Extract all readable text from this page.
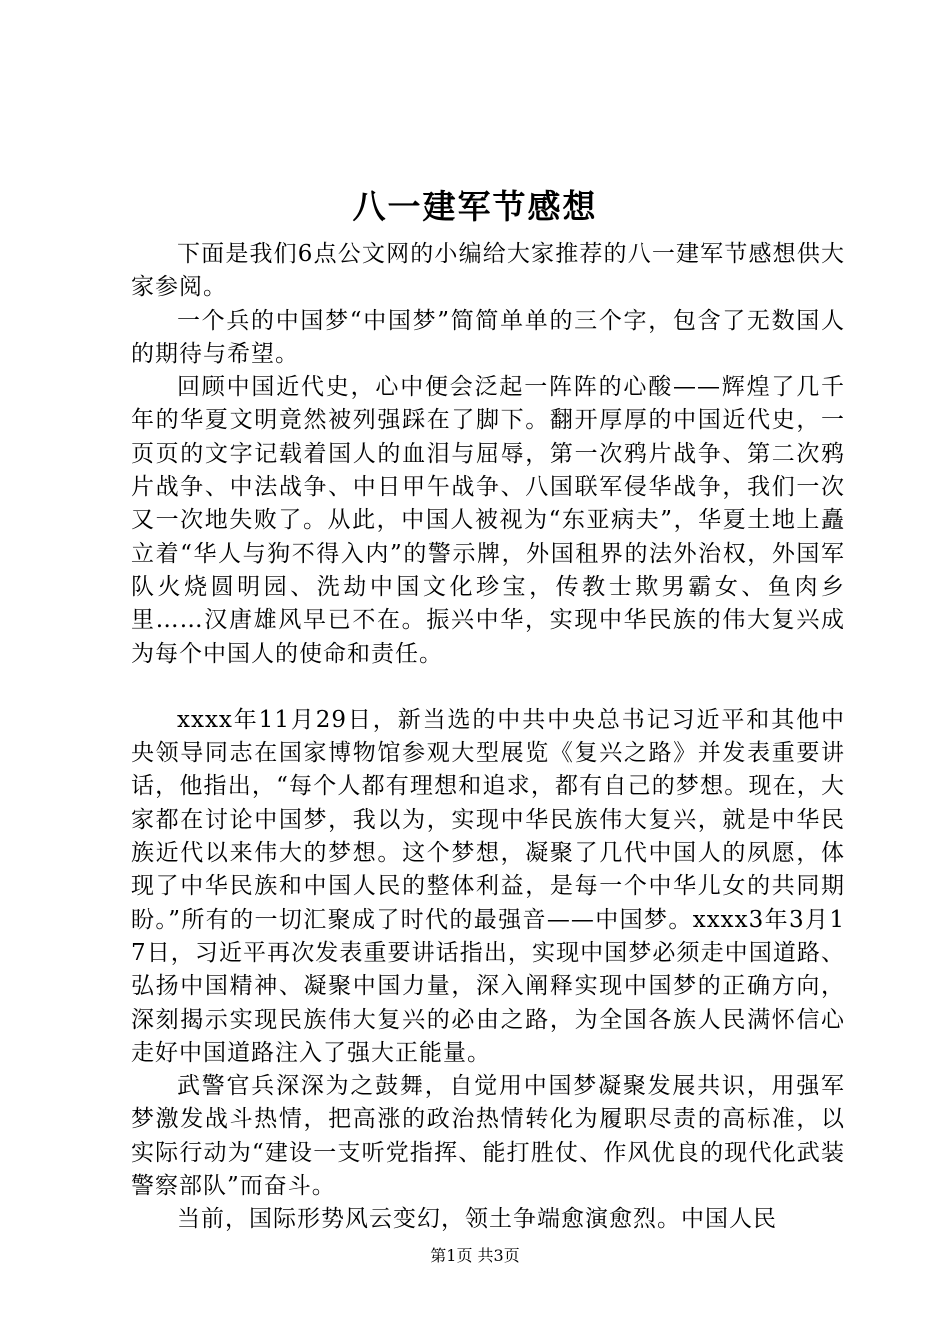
八一建军节感想

下面是我们6点公文网的小编给大家推荐的八一建军节感想供大家参阅。

一个兵的中国梦“中国梦”简简单单的三个字，包含了无数国人的期待与希望。

回顾中国近代史，心中便会泛起一阵阵的心酸——辉煌了几千年的华夏文明竟然被列强踩在了脚下。翻开厚厚的中国近代史，一页页的文字记载着国人的血泪与屈辱，第一次鸦片战争、第二次鸦片战争、中法战争、中日甲午战争、八国联军侵华战争，我们一次又一次地失败了。从此，中国人被视为“东亚病夫”，华夏土地上矗立着“华人与狗不得入内”的警示牌，外国租界的法外治权，外国军队火烧圆明园、洗劫中国文化珍宝，传教士欺男霸女、鱼肉乡里……汉唐雄风早已不在。振兴中华，实现中华民族的伟大复兴成为每个中国人的使命和责任。

xxxx年11月29日，新当选的中共中央总书记习近平和其他中央领导同志在国家博物馆参观大型展览《复兴之路》并发表重要讲话，他指出，“每个人都有理想和追求，都有自己的梦想。现在，大家都在讨论中国梦，我以为，实现中华民族伟大复兴，就是中华民族近代以来伟大的梦想。这个梦想，凝聚了几代中国人的夙愿，体现了中华民族和中国人民的整体利益，是每一个中华儿女的共同期盼。”所有的一切汇聚成了时代的最强音——中国梦。xxxx3年3月17日，习近平再次发表重要讲话指出，实现中国梦必须走中国道路、弘扬中国精神、凝聚中国力量，深入阐释实现中国梦的正确方向，深刻揭示实现民族伟大复兴的必由之路，为全国各族人民满怀信心走好中国道路注入了强大正能量。

武警官兵深深为之鼓舞，自觉用中国梦凝聚发展共识，用强军梦激发战斗热情，把高涨的政治热情转化为履职尽责的高标准，以实际行动为“建设一支听党指挥、能打胜仗、作风优良的现代化武装警察部队”而奋斗。

当前，国际形势风云变幻，领土争端愈演愈烈。中国人民

第1页 共3页
